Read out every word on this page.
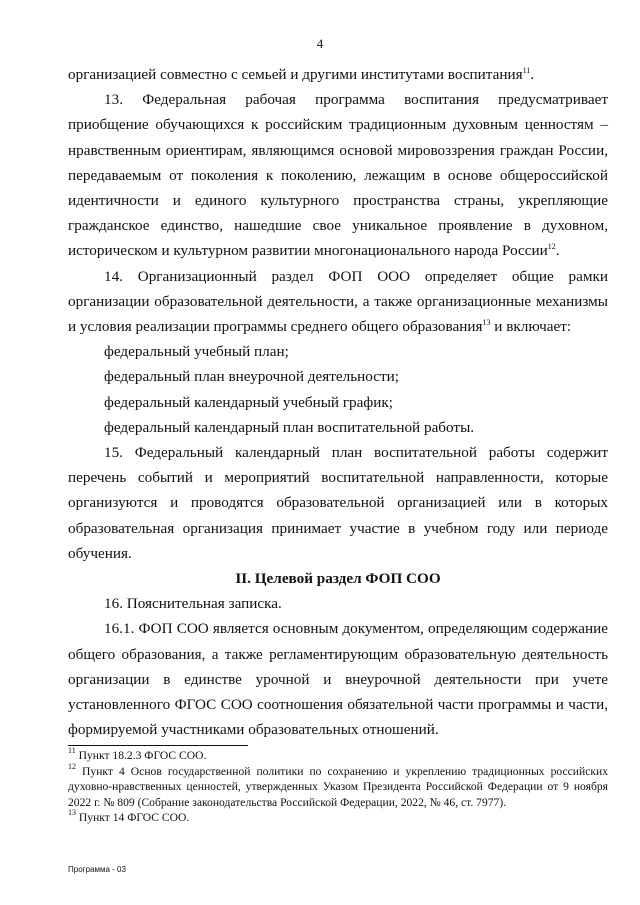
4

организацией совместно с семьей и другими институтами воспитания$^{11}$.

13. Федеральная рабочая программа воспитания предусматривает приобщение обучающихся к российским традиционным духовным ценностям – нравственным ориентирам, являющимся основой мировоззрения граждан России, передаваемым от поколения к поколению, лежащим в основе общероссийской идентичности и единого культурного пространства страны, укрепляющие гражданское единство, нашедшие свое уникальное проявление в духовном, историческом и культурном развитии многонационального народа России$^{12}$.

14. Организационный раздел ФОП ООО определяет общие рамки организации образовательной деятельности, а также организационные механизмы и условия реализации программы среднего общего образования$^{13}$ и включает:

федеральный учебный план;

федеральный план внеурочной деятельности;

федеральный календарный учебный график;

федеральный календарный план воспитательной работы.

15. Федеральный календарный план воспитательной работы содержит перечень событий и мероприятий воспитательной направленности, которые организуются и проводятся образовательной организацией или в которых образовательная организация принимает участие в учебном году или периоде обучения.

II. Целевой раздел ФОП СОО

16. Пояснительная записка.

16.1. ФОП СОО является основным документом, определяющим содержание общего образования, а также регламентирующим образовательную деятельность организации в единстве урочной и внеурочной деятельности при учете установленного ФГОС СОО соотношения обязательной части программы и части, формируемой участниками образовательных отношений.

$^{11}$ Пункт 18.2.3 ФГОС СОО.

$^{12}$ Пункт 4 Основ государственной политики по сохранению и укреплению традиционных российских духовно-нравственных ценностей, утвержденных Указом Президента Российской Федерации от 9 ноября 2022 г. № 809 (Собрание законодательства Российской Федерации, 2022, № 46, ст. 7977).

$^{13}$ Пункт 14 ФГОС СОО.

Программа - 03
